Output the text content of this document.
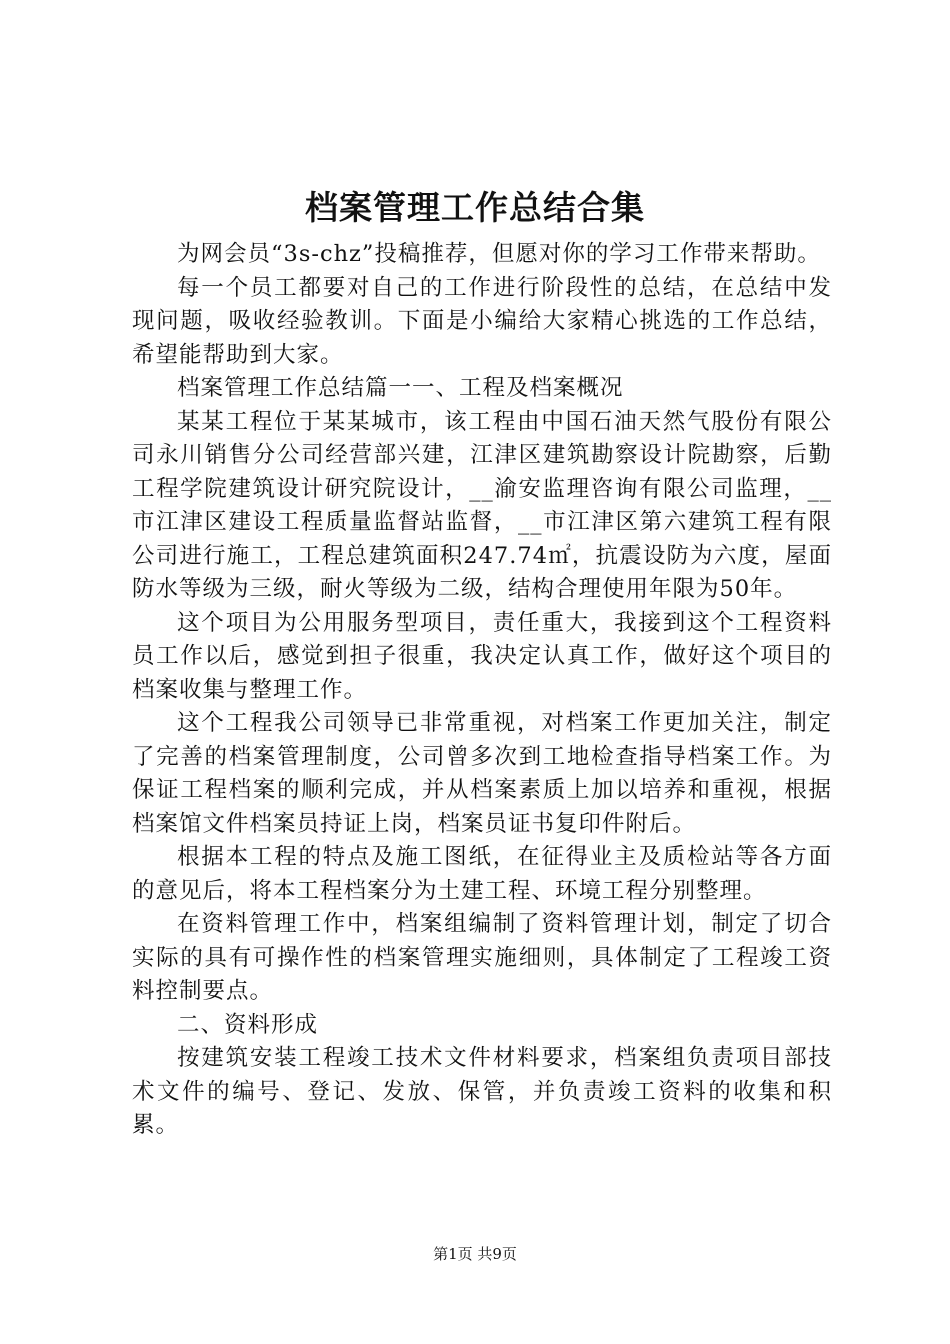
档案管理工作总结合集

为网会员“3s-chz”投稿推荐，但愿对你的学习工作带来帮助。

每一个员工都要对自己的工作进行阶段性的总结，在总结中发现问题，吸收经验教训。下面是小编给大家精心挑选的工作总结，希望能帮助到大家。

档案管理工作总结篇一一、工程及档案概况

某某工程位于某某城市，该工程由中国石油天然气股份有限公司永川销售分公司经营部兴建，江津区建筑勘察设计院勘察，后勤工程学院建筑设计研究院设计，__渝安监理咨询有限公司监理，__市江津区建设工程质量监督站监督，__市江津区第六建筑工程有限公司进行施工，工程总建筑面积247.74㎡，抗震设防为六度，屋面防水等级为三级，耐火等级为二级，结构合理使用年限为50年。

这个项目为公用服务型项目，责任重大，我接到这个工程资料员工作以后，感觉到担子很重，我决定认真工作，做好这个项目的档案收集与整理工作。

这个工程我公司领导已非常重视，对档案工作更加关注，制定了完善的档案管理制度，公司曾多次到工地检查指导档案工作。为保证工程档案的顺利完成，并从档案素质上加以培养和重视，根据档案馆文件档案员持证上岗，档案员证书复印件附后。

根据本工程的特点及施工图纸，在征得业主及质检站等各方面的意见后，将本工程档案分为土建工程、环境工程分别整理。

在资料管理工作中，档案组编制了资料管理计划，制定了切合实际的具有可操作性的档案管理实施细则，具体制定了工程竣工资料控制要点。

二、资料形成

按建筑安装工程竣工技术文件材料要求，档案组负责项目部技术文件的编号、登记、发放、保管，并负责竣工资料的收集和积累。

第1页 共9页
